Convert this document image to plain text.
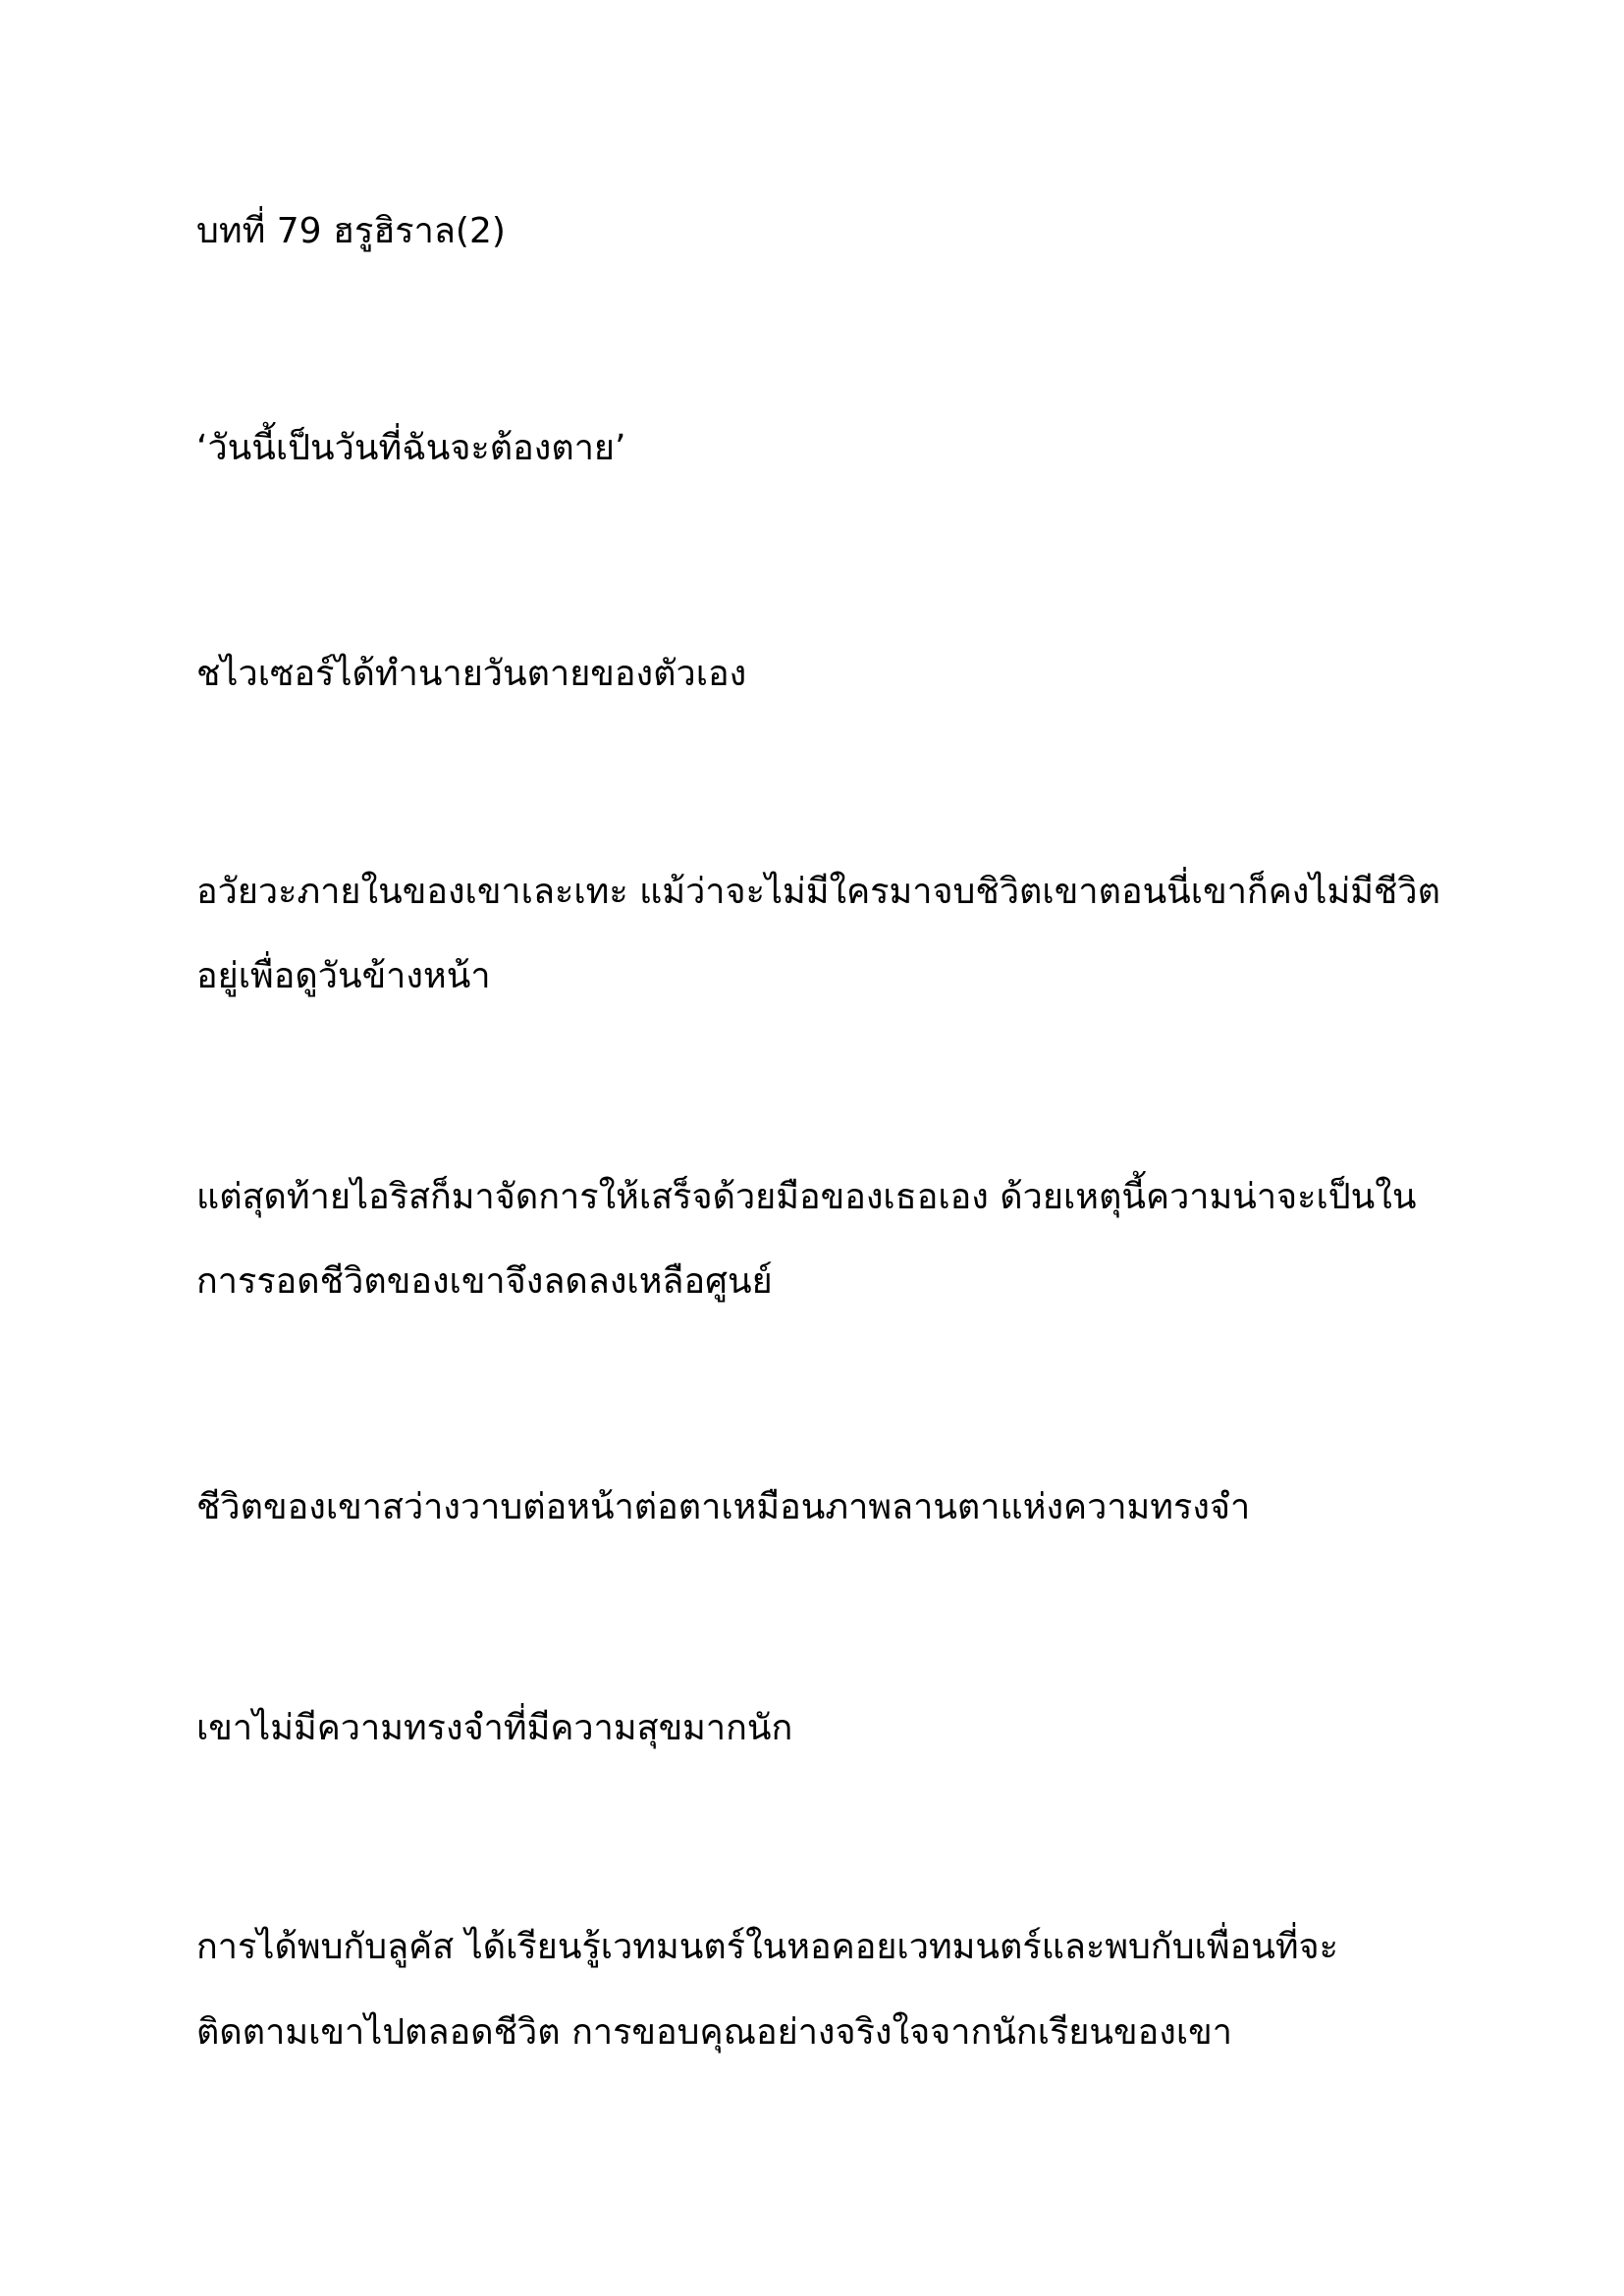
บทที่ 79 ฮรูฮิราล(2)

‘วันนี้เป็นวันที่ฉันจะต้องตาย’

ชไวเซอร์ได้ทำนายวันตายของตัวเอง

อวัยวะภายในของเขาเละเทะ แม้ว่าจะไม่มีใครมาจบชิวิตเขาตอนนี่เขาก็คงไม่มีชีวิต

อยู่เพื่อดูวันข้างหน้า

แต่สุดท้ายไอริสก็มาจัดการให้เสร็จด้วยมือของเธอเอง ด้วยเหตุนี้ความน่าจะเป็นใน

การรอดชีวิตของเขาจึงลดลงเหลือศูนย์

ชีวิตของเขาสว่างวาบต่อหน้าต่อตาเหมือนภาพลานตาแห่งความทรงจำ

เขาไม่มีความทรงจำที่มีความสุขมากนัก

การได้พบกับลูคัส ได้เรียนรู้เวทมนตร์ในหอคอยเวทมนตร์และพบกับเพื่อนที่จะ

ติดตามเขาไปตลอดชีวิต การขอบคุณอย่างจริงใจจากนักเรียนของเขา
